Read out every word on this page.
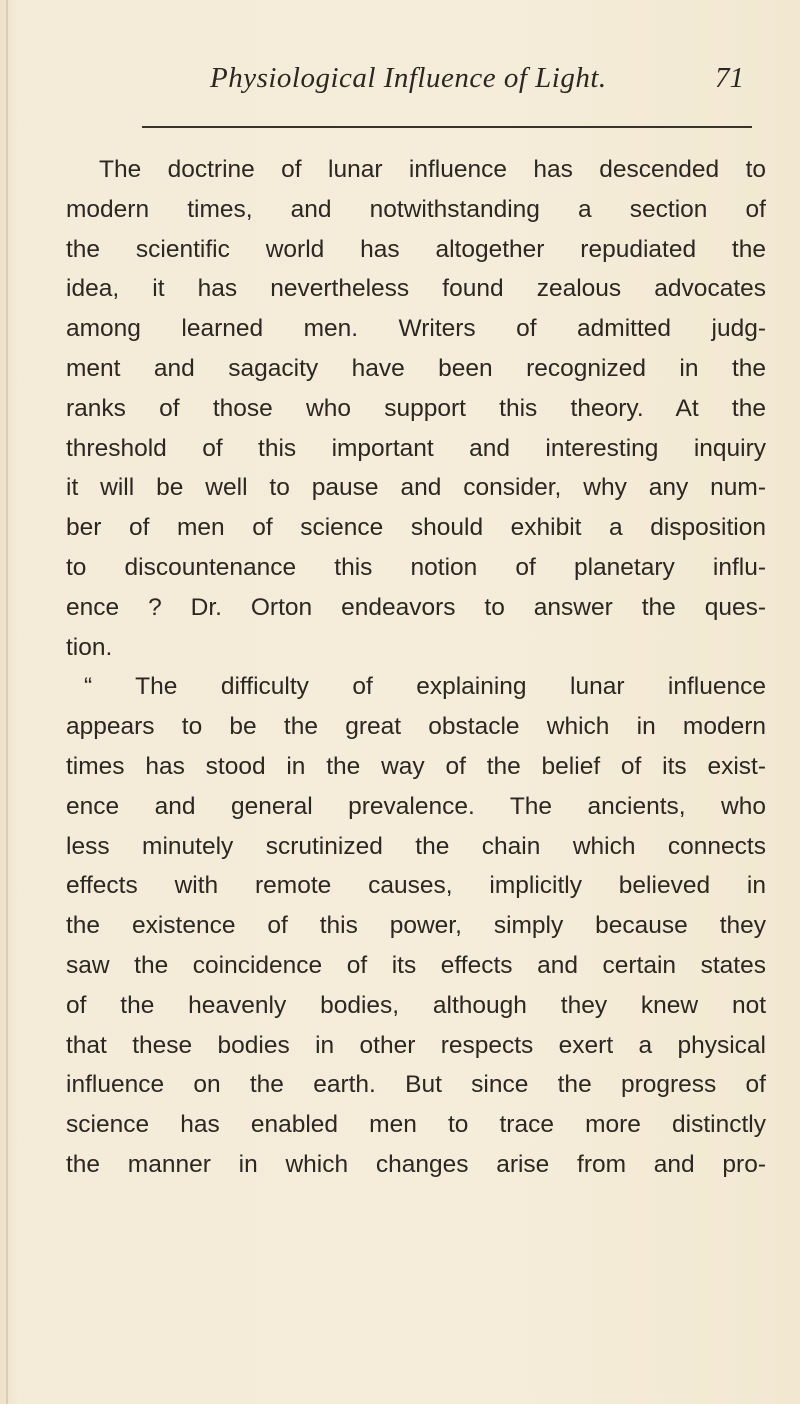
Physiological Influence of Light.	71
The doctrine of lunar influence has descended to
modern times, and notwithstanding a section of
the scientific world has altogether repudiated the
idea, it has nevertheless found zealous advocates
among learned men. Writers of admitted judg-
ment and sagacity have been recognized in the
ranks of those who support this theory. At the
threshold of this important and interesting inquiry
it will be well to pause and consider, why any num-
ber of men of science should exhibit a disposition
to discountenance this notion of planetary influ-
ence ? Dr. Orton endeavors to answer the ques-
tion.
“ The difficulty of explaining lunar influence
appears to be the great obstacle which in modern
times has stood in the way of the belief of its exist-
ence and general prevalence. The ancients, who
less minutely scrutinized the chain which connects
effects with remote causes, implicitly believed in
the existence of this power, simply because they
saw the coincidence of its effects and certain states
of the heavenly bodies, although they knew not
that these bodies in other respects exert a physical
influence on the earth. But since the progress of
science has enabled men to trace more distinctly
the manner in which changes arise from and pro-
